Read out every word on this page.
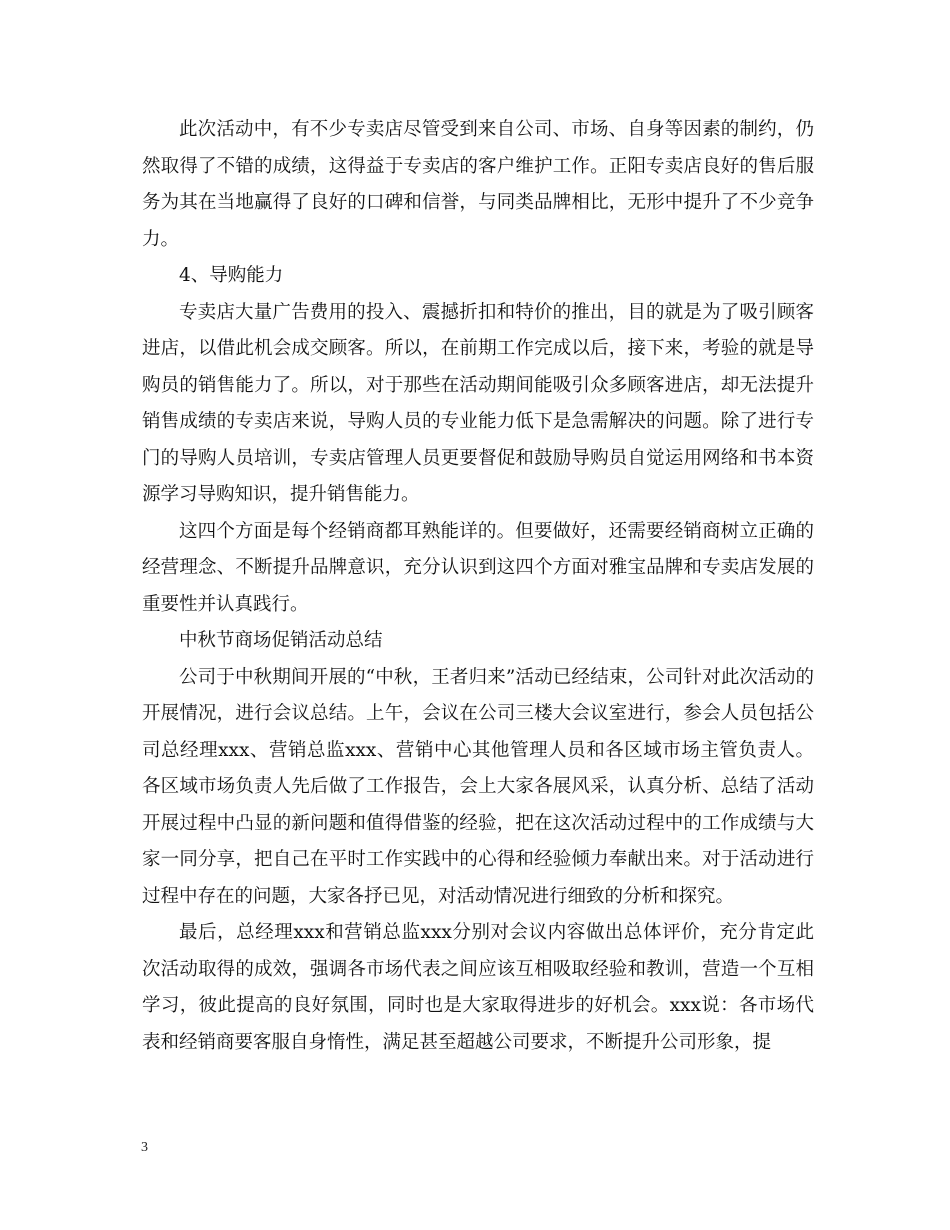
此次活动中，有不少专卖店尽管受到来自公司、市场、自身等因素的制约，仍然取得了不错的成绩，这得益于专卖店的客户维护工作。正阳专卖店良好的售后服务为其在当地赢得了良好的口碑和信誉，与同类品牌相比，无形中提升了不少竞争力。

4、导购能力

专卖店大量广告费用的投入、震撼折扣和特价的推出，目的就是为了吸引顾客进店，以借此机会成交顾客。所以，在前期工作完成以后，接下来，考验的就是导购员的销售能力了。所以，对于那些在活动期间能吸引众多顾客进店，却无法提升销售成绩的专卖店来说，导购人员的专业能力低下是急需解决的问题。除了进行专门的导购人员培训，专卖店管理人员更要督促和鼓励导购员自觉运用网络和书本资源学习导购知识，提升销售能力。

这四个方面是每个经销商都耳熟能详的。但要做好，还需要经销商树立正确的经营理念、不断提升品牌意识，充分认识到这四个方面对雅宝品牌和专卖店发展的重要性并认真践行。

中秋节商场促销活动总结

公司于中秋期间开展的“中秋，王者归来”活动已经结束，公司针对此次活动的开展情况，进行会议总结。上午，会议在公司三楼大会议室进行，参会人员包括公司总经理xxx、营销总监xxx、营销中心其他管理人员和各区域市场主管负责人。各区域市场负责人先后做了工作报告，会上大家各展风采，认真分析、总结了活动开展过程中凸显的新问题和值得借鉴的经验，把在这次活动过程中的工作成绩与大家一同分享，把自己在平时工作实践中的心得和经验倾力奉献出来。对于活动进行过程中存在的问题，大家各抒已见，对活动情况进行细致的分析和探究。

最后，总经理xxx和营销总监xxx分别对会议内容做出总体评价，充分肯定此次活动取得的成效，强调各市场代表之间应该互相吸取经验和教训，营造一个互相学习，彼此提高的良好氛围，同时也是大家取得进步的好机会。xxx说：各市场代表和经销商要客服自身惰性，满足甚至超越公司要求，不断提升公司形象，提

3
